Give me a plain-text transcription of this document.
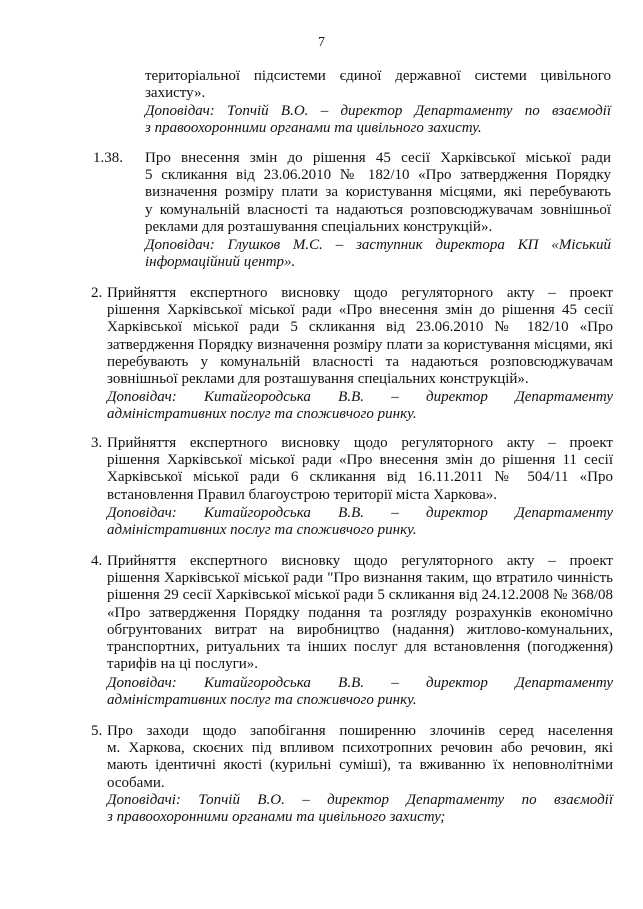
7
територіальної підсистеми єдиної державної системи цивільного
захисту».
Доповідач: Топчій В.О. – директор Департаменту по взаємодії
з правоохоронними органами та цивільного захисту.
1.38. Про внесення змін до рішення 45 сесії Харківської міської ради
5 скликання від 23.06.2010 № 182/10 «Про затвердження Порядку
визначення розміру плати за користування місцями, які перебувають
у комунальній власності та надаються розповсюджувачам зовнішньої
реклами для розташування спеціальних конструкцій».
Доповідач: Глушков М.С. – заступник директора КП «Міський
інформаційний центр».
2. Прийняття експертного висновку щодо регуляторного акту – проект
рішення Харківської міської ради «Про внесення змін до рішення 45 сесії
Харківської міської ради 5 скликання від 23.06.2010 № 182/10 «Про
затвердження Порядку визначення розміру плати за користування місцями, які
перебувають у комунальній власності та надаються розповсюджувачам
зовнішньої реклами для розташування спеціальних конструкцій».
Доповідач: Китайгородська В.В. – директор Департаменту
адміністративних послуг та споживчого ринку.
3. Прийняття експертного висновку щодо регуляторного акту – проект
рішення Харківської міської ради «Про внесення змін до рішення 11 сесії
Харківської міської ради 6 скликання від 16.11.2011 № 504/11 «Про
встановлення Правил благоустрою території міста Харкова».
Доповідач: Китайгородська В.В. – директор Департаменту
адміністративних послуг та споживчого ринку.
4. Прийняття експертного висновку щодо регуляторного акту – проект
рішення Харківської міської ради "Про визнання таким, що втратило чинність
рішення 29 сесії Харківської міської ради 5 скликання від 24.12.2008 № 368/08
«Про затвердження Порядку подання та розгляду розрахунків економічно
обгрунтованих витрат на виробництво (надання) житлово-комунальних,
транспортних, ритуальних та інших послуг для встановлення (погодження)
тарифів на ці послуги».
Доповідач: Китайгородська В.В. – директор Департаменту
адміністративних послуг та споживчого ринку.
5. Про заходи щодо запобігання поширенню злочинів серед населення
м. Харкова, скоєних під впливом психотропних речовин або речовин, які
мають ідентичні якості (курильні суміші), та вживанню їх неповнолітніми
особами.
Доповідачі: Топчій В.О. – директор Департаменту по взаємодії
з правоохоронними органами та цивільного захисту;
